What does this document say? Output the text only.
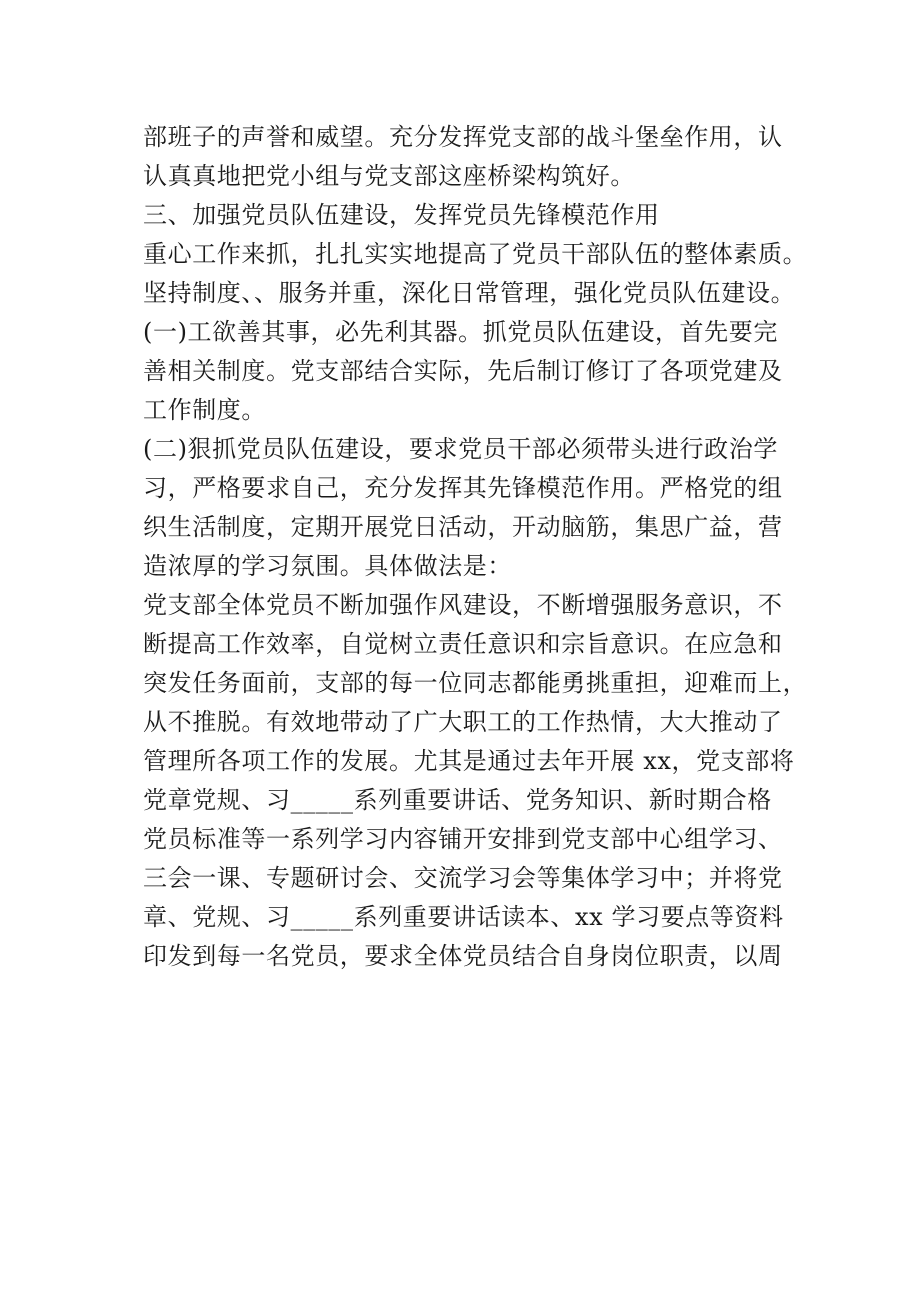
部班子的声誉和威望。充分发挥党支部的战斗堡垒作用，认
认真真地把党小组与党支部这座桥梁构筑好。
三、加强党员队伍建设，发挥党员先锋模范作用
重心工作来抓，扎扎实实地提高了党员干部队伍的整体素质。
坚持制度、、服务并重，深化日常管理，强化党员队伍建设。
(一)工欲善其事，必先利其器。抓党员队伍建设，首先要完
善相关制度。党支部结合实际，先后制订修订了各项党建及
工作制度。
(二)狠抓党员队伍建设，要求党员干部必须带头进行政治学
习，严格要求自己，充分发挥其先锋模范作用。严格党的组
织生活制度，定期开展党日活动，开动脑筋，集思广益，营
造浓厚的学习氛围。具体做法是：
党支部全体党员不断加强作风建设，不断增强服务意识，不
断提高工作效率，自觉树立责任意识和宗旨意识。在应急和
突发任务面前，支部的每一位同志都能勇挑重担，迎难而上，
从不推脱。有效地带动了广大职工的工作热情，大大推动了
管理所各项工作的发展。尤其是通过去年开展 xx，党支部将
党章党规、习_____系列重要讲话、党务知识、新时期合格
党员标准等一系列学习内容铺开安排到党支部中心组学习、
三会一课、专题研讨会、交流学习会等集体学习中；并将党
章、党规、习_____系列重要讲话读本、xx 学习要点等资料
印发到每一名党员，要求全体党员结合自身岗位职责，以周
